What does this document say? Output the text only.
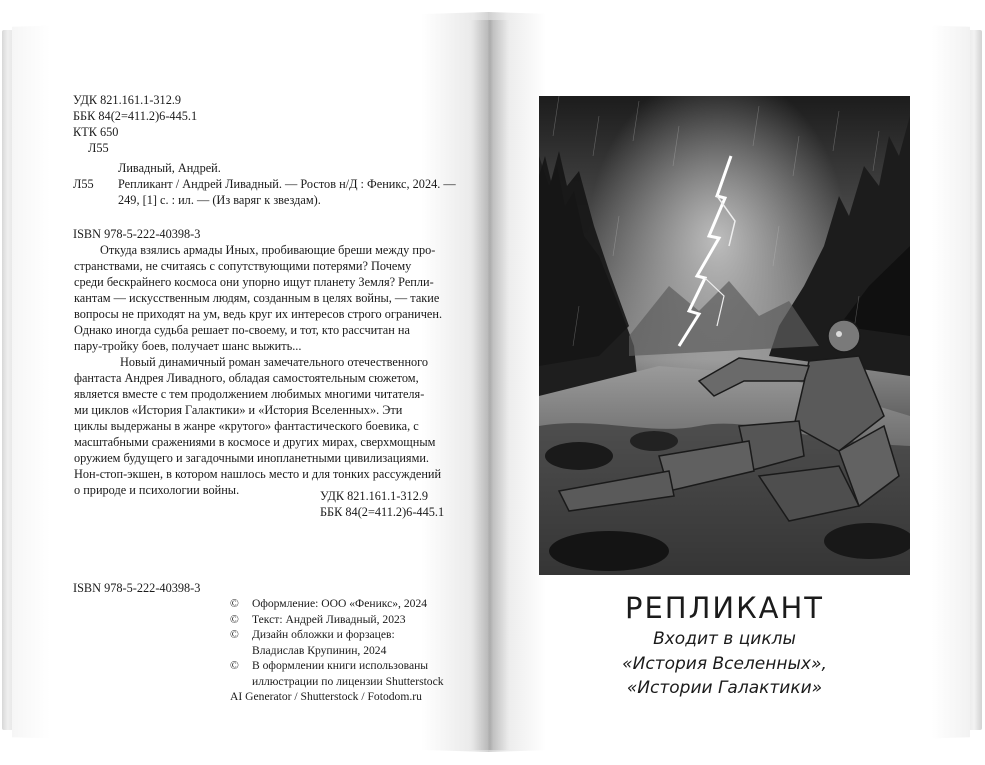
УДК 821.161.1-312.9
ББК 84(2=411.2)6-445.1
КТК 650
Л55
Ливадный, Андрей.
Л55 Репликант / Андрей Ливадный. — Ростов н/Д : Феникс, 2024. —
249, [1] с. : ил. — (Из варяг к звездам).
ISBN 978-5-222-40398-3
Откуда взялись армады Иных, пробивающие бреши между про-
странствами, не считаясь с сопутствующими потерями? Почему
среди бескрайнего космоса они упорно ищут планету Земля? Репли-
кантам — искусственным людям, созданным в целях войны, — такие
вопросы не приходят на ум, ведь круг их интересов строго ограничен.
Однако иногда судьба решает по-своему, и тот, кто рассчитан на
пару-тройку боев, получает шанс выжить...
Новый динамичный роман замечательного отечественного
фантаста Андрея Ливадного, обладая самостоятельным сюжетом,
является вместе с тем продолжением любимых многими читателя-
ми циклов «История Галактики» и «История Вселенных». Эти
циклы выдержаны в жанре «крутого» фантастического боевика, с
масштабными сражениями в космосе и других мирах, сверхмощным
оружием будущего и загадочными инопланетными цивилизациями.
Нон-стоп-экшен, в котором нашлось место и для тонких рассуждений
о природе и психологии войны.	УДК 821.161.1-312.9
ББК 84(2=411.2)6-445.1
ISBN 978-5-222-40398-3
© Оформление: ООО «Феникс», 2024
© Текст: Андрей Ливадный, 2023
© Дизайн обложки и форзацев:
Владислав Крупинин, 2024
© В оформлении книги использованы
иллюстрации по лицензии Shutterstock
AI Generator / Shutterstock / Fotodom.ru
РЕПЛИКАНТ
Входит в циклы
«История Вселенных»,
«Истории Галактики»
